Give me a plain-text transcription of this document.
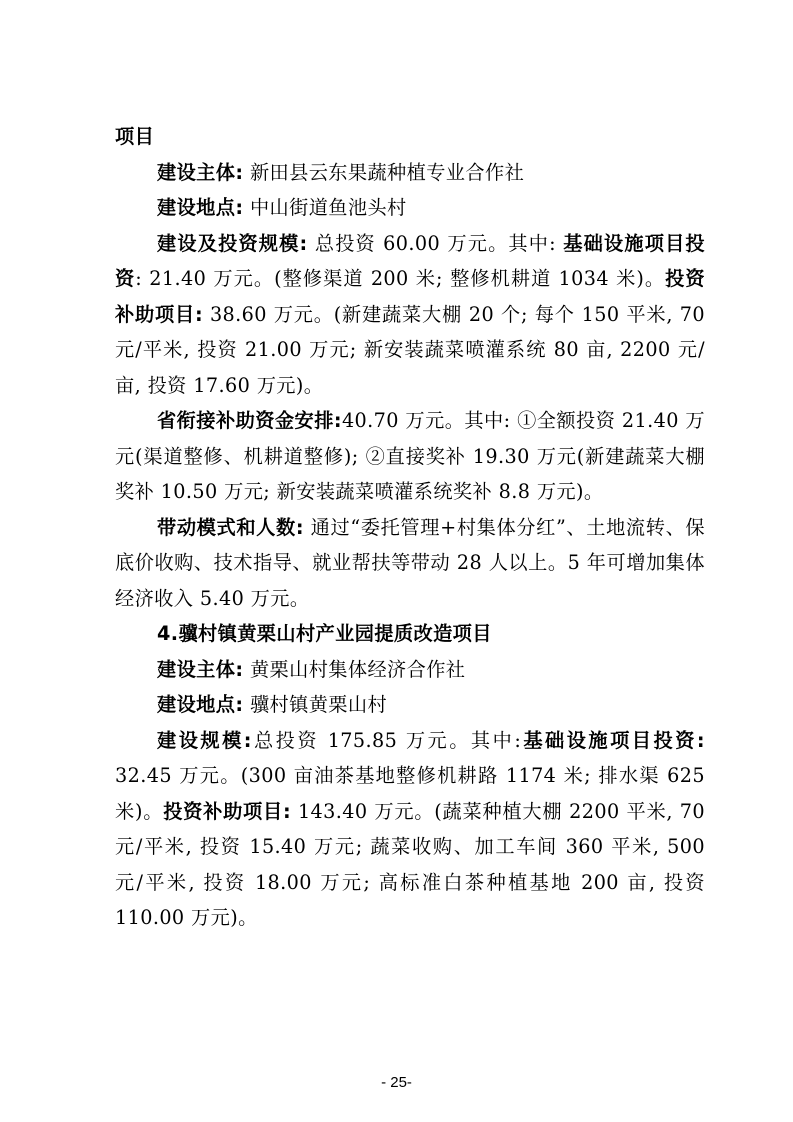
项目

建设主体: 新田县云东果蔬种植专业合作社

建设地点: 中山街道鱼池头村

建设及投资规模: 总投资 60.00 万元。其中: 基础设施项目投资: 21.40 万元。(整修渠道 200 米; 整修机耕道 1034 米)。投资补助项目: 38.60 万元。(新建蔬菜大棚 20 个; 每个 150 平米, 70 元/平米, 投资 21.00 万元; 新安装蔬菜喷灌系统 80 亩, 2200 元/亩, 投资 17.60 万元)。

省衔接补助资金安排:40.70 万元。其中: ①全额投资 21.40 万元(渠道整修、机耕道整修); ②直接奖补 19.30 万元(新建蔬菜大棚奖补 10.50 万元; 新安装蔬菜喷灌系统奖补 8.8 万元)。

带动模式和人数: 通过“委托管理+村集体分红”、土地流转、保底价收购、技术指导、就业帮扶等带动 28 人以上。5 年可增加集体经济收入 5.40 万元。

4.骥村镇黄栗山村产业园提质改造项目

建设主体: 黄栗山村集体经济合作社

建设地点: 骥村镇黄栗山村

建设规模:总投资 175.85 万元。其中:基础设施项目投资: 32.45 万元。(300 亩油茶基地整修机耕路 1174 米; 排水渠 625 米)。投资补助项目: 143.40 万元。(蔬菜种植大棚 2200 平米, 70 元/平米, 投资 15.40 万元; 蔬菜收购、加工车间 360 平米, 500 元/平米, 投资 18.00 万元; 高标准白茶种植基地 200 亩, 投资 110.00 万元)。

- 25-
